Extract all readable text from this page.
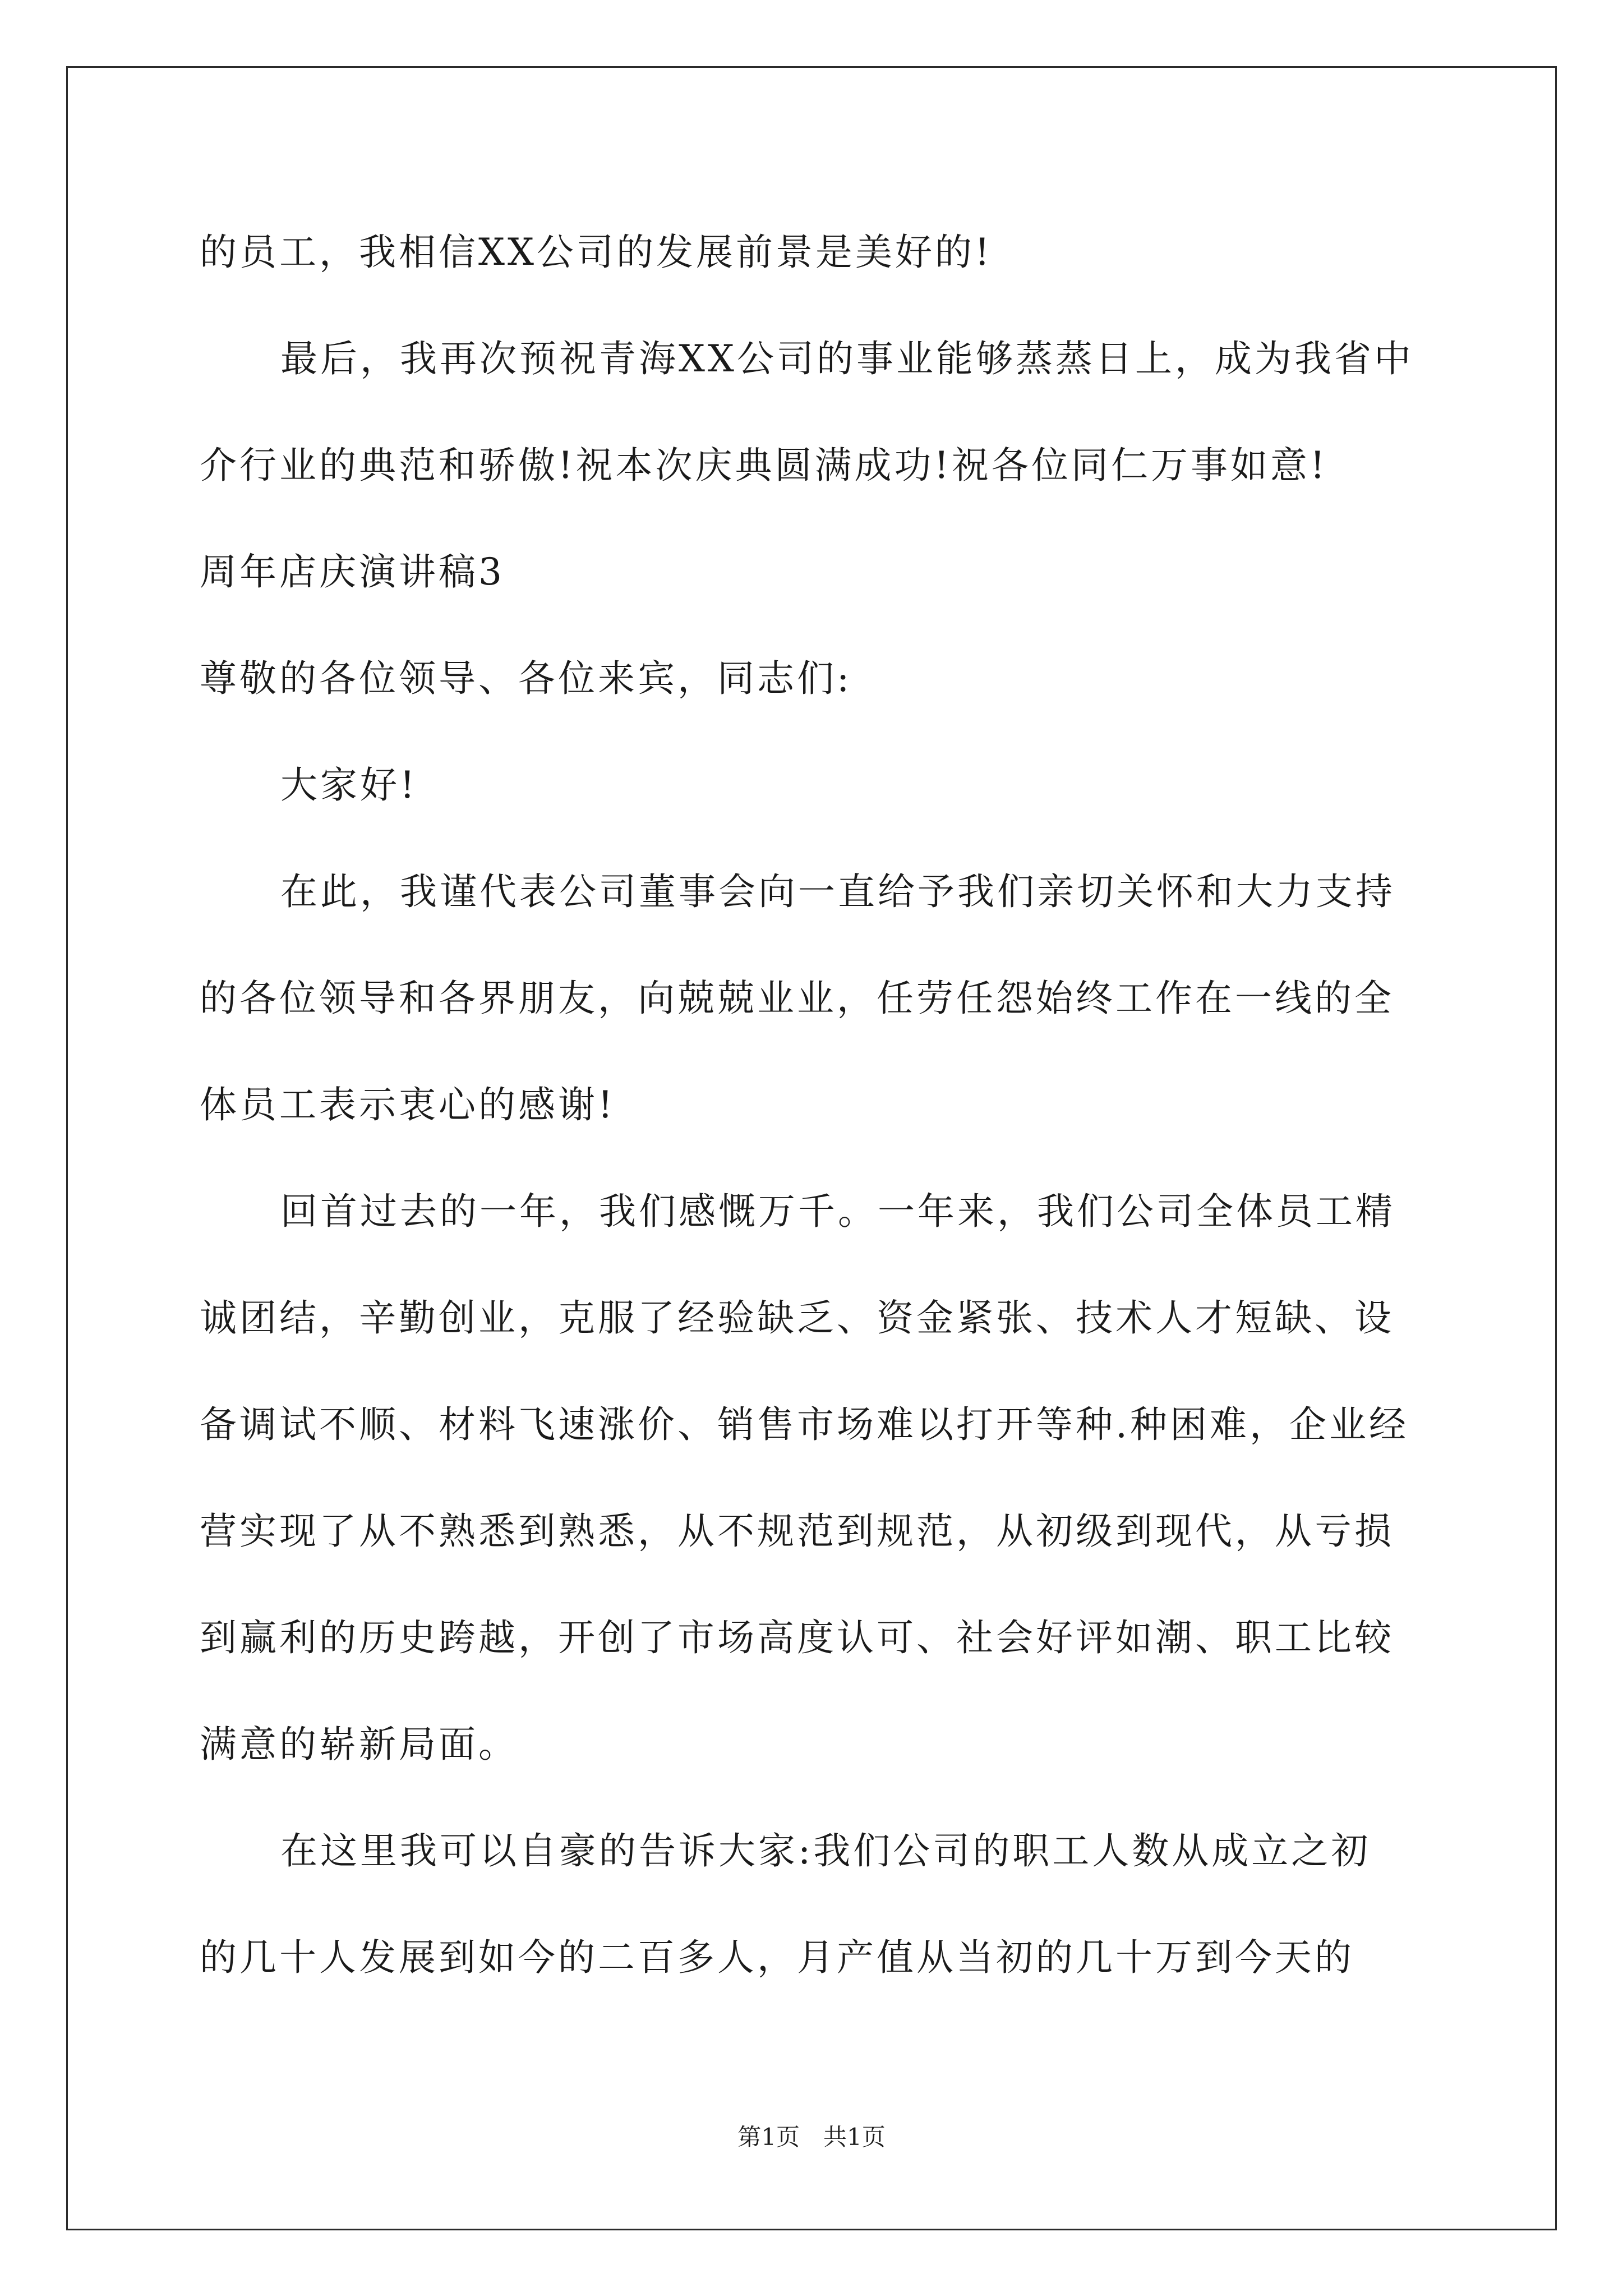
的员工，我相信XX公司的发展前景是美好的!
最后，我再次预祝青海XX公司的事业能够蒸蒸日上，成为我省中
介行业的典范和骄傲!祝本次庆典圆满成功!祝各位同仁万事如意!
周年店庆演讲稿3
尊敬的各位领导、各位来宾，同志们:
大家好!
在此，我谨代表公司董事会向一直给予我们亲切关怀和大力支持
的各位领导和各界朋友，向兢兢业业，任劳任怨始终工作在一线的全
体员工表示衷心的感谢!
回首过去的一年，我们感慨万千。一年来，我们公司全体员工精
诚团结，辛勤创业，克服了经验缺乏、资金紧张、技术人才短缺、设
备调试不顺、材料飞速涨价、销售市场难以打开等种.种困难，企业经
营实现了从不熟悉到熟悉，从不规范到规范，从初级到现代，从亏损
到赢利的历史跨越，开创了市场高度认可、社会好评如潮、职工比较
满意的崭新局面。
在这里我可以自豪的告诉大家:我们公司的职工人数从成立之初
的几十人发展到如今的二百多人，月产值从当初的几十万到今天的
第1页　共1页
